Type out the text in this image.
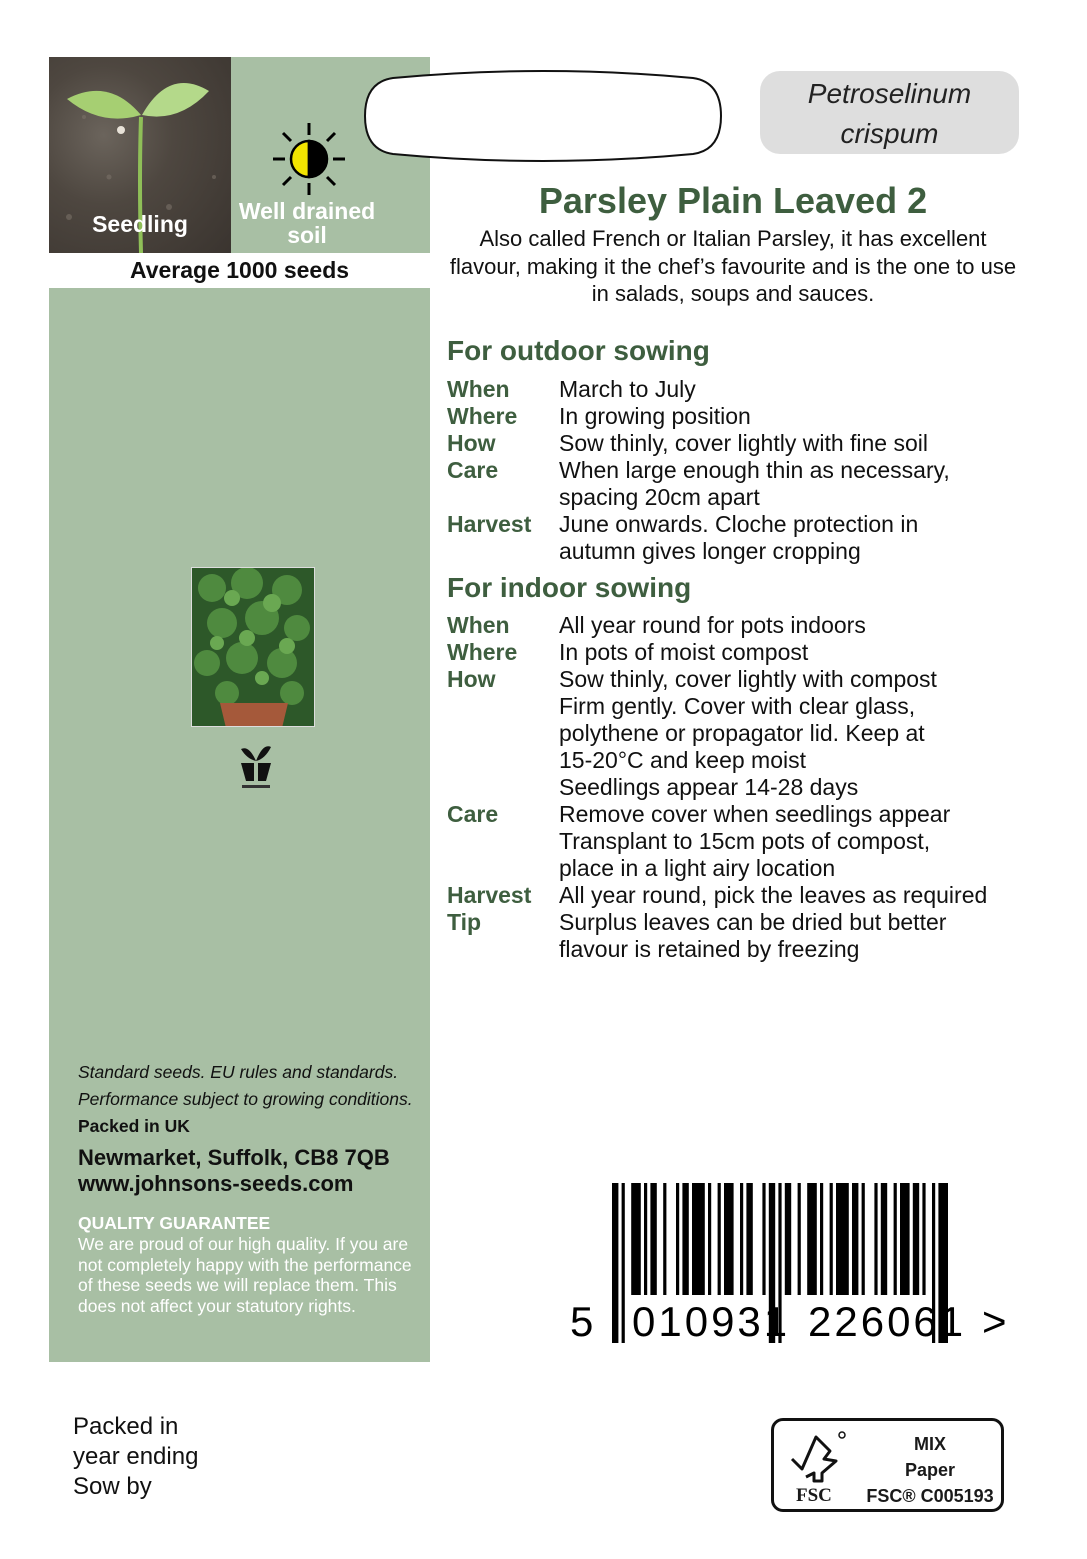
Seedling	Well drained soil
Average 1000 seeds
Standard seeds. EU rules and standards.
Performance subject to growing conditions.
Packed in UK
Newmarket, Suffolk, CB8 7QB
www.johnsons-seeds.com
QUALITY GUARANTEE
We are proud of our high quality. If you are not completely happy with the performance of these seeds we will replace them. This does not affect your statutory rights.
Packed in
year ending
Sow by
Petroselinum
crispum
Parsley Plain Leaved 2
Also called French or Italian Parsley, it has excellent flavour, making it the chef’s favourite and is the one to use in salads, soups and sauces.
For outdoor sowing
When	March to July
Where	In growing position
How	Sow thinly, cover lightly with fine soil
Care	When large enough thin as necessary,
spacing 20cm apart
Harvest	June onwards. Cloche protection in
autumn gives longer cropping
For indoor sowing
When	All year round for pots indoors
Where	In pots of moist compost
How	Sow thinly, cover lightly with compost
Firm gently. Cover with clear glass,
polythene or propagator lid. Keep at
15-20°C and keep moist
Seedlings appear 14-28 days
Care	Remove cover when seedlings appear
Transplant to 15cm pots of compost,
place in a light airy location
Harvest	All year round, pick the leaves as required
Tip	Surplus leaves can be dried but better
flavour is retained by freezing
5 010931 226061 >
FSC
MIX
Paper
FSC® C005193
